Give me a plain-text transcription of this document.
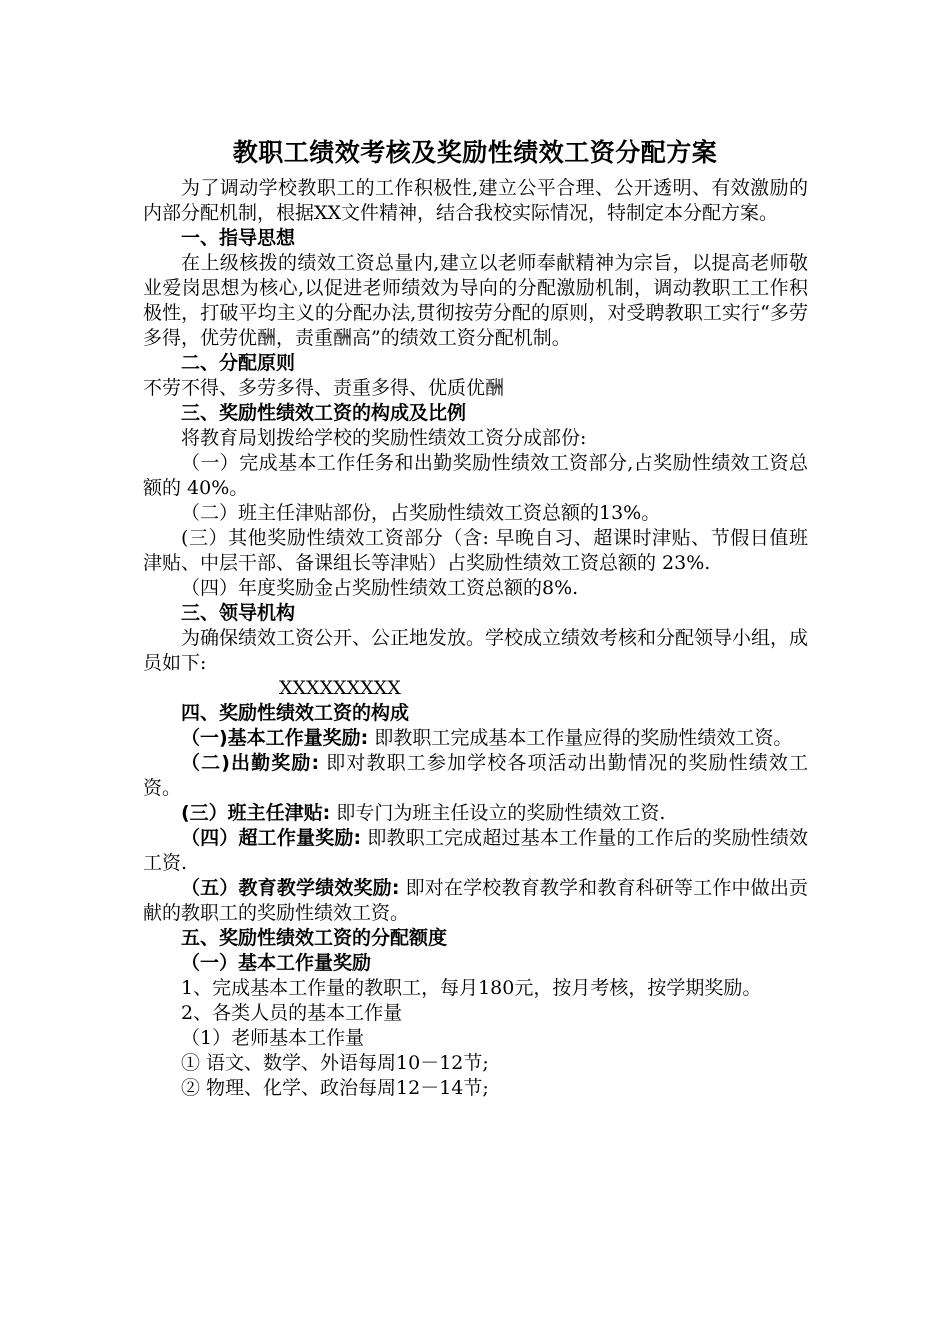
教职工绩效考核及奖励性绩效工资分配方案

为了调动学校教职工的工作积极性,建立公平合理、公开透明、有效激励的内部分配机制，根据XX文件精神，结合我校实际情况，特制定本分配方案。

一、指导思想

在上级核拨的绩效工资总量内,建立以老师奉献精神为宗旨，以提高老师敬业爱岗思想为核心,以促进老师绩效为导向的分配激励机制，调动教职工工作积极性，打破平均主义的分配办法,贯彻按劳分配的原则，对受聘教职工实行“多劳多得，优劳优酬，责重酬高”的绩效工资分配机制。

二、分配原则

不劳不得、多劳多得、责重多得、优质优酬

三、奖励性绩效工资的构成及比例

将教育局划拨给学校的奖励性绩效工资分成部份:

（一）完成基本工作任务和出勤奖励性绩效工资部分,占奖励性绩效工资总额的 40%。

（二）班主任津贴部份，占奖励性绩效工资总额的13%。

(三）其他奖励性绩效工资部分（含: 早晚自习、超课时津贴、节假日值班津贴、中层干部、备课组长等津贴）占奖励性绩效工资总额的 23%.

（四）年度奖励金占奖励性绩效工资总额的8%.

三、领导机构

为确保绩效工资公开、公正地发放。学校成立绩效考核和分配领导小组，成员如下:

XXXXXXXXX

四、奖励性绩效工资的构成

（一)基本工作量奖励: 即教职工完成基本工作量应得的奖励性绩效工资。

（二)出勤奖励: 即对教职工参加学校各项活动出勤情况的奖励性绩效工资。

(三）班主任津贴: 即专门为班主任设立的奖励性绩效工资.

（四）超工作量奖励: 即教职工完成超过基本工作量的工作后的奖励性绩效工资.

（五）教育教学绩效奖励: 即对在学校教育教学和教育科研等工作中做出贡献的教职工的奖励性绩效工资。

五、奖励性绩效工资的分配额度

（一）基本工作量奖励

1、完成基本工作量的教职工，每月180元，按月考核，按学期奖励。

2、各类人员的基本工作量

（1）老师基本工作量

① 语文、数学、外语每周10－12节;

② 物理、化学、政治每周12－14节;
